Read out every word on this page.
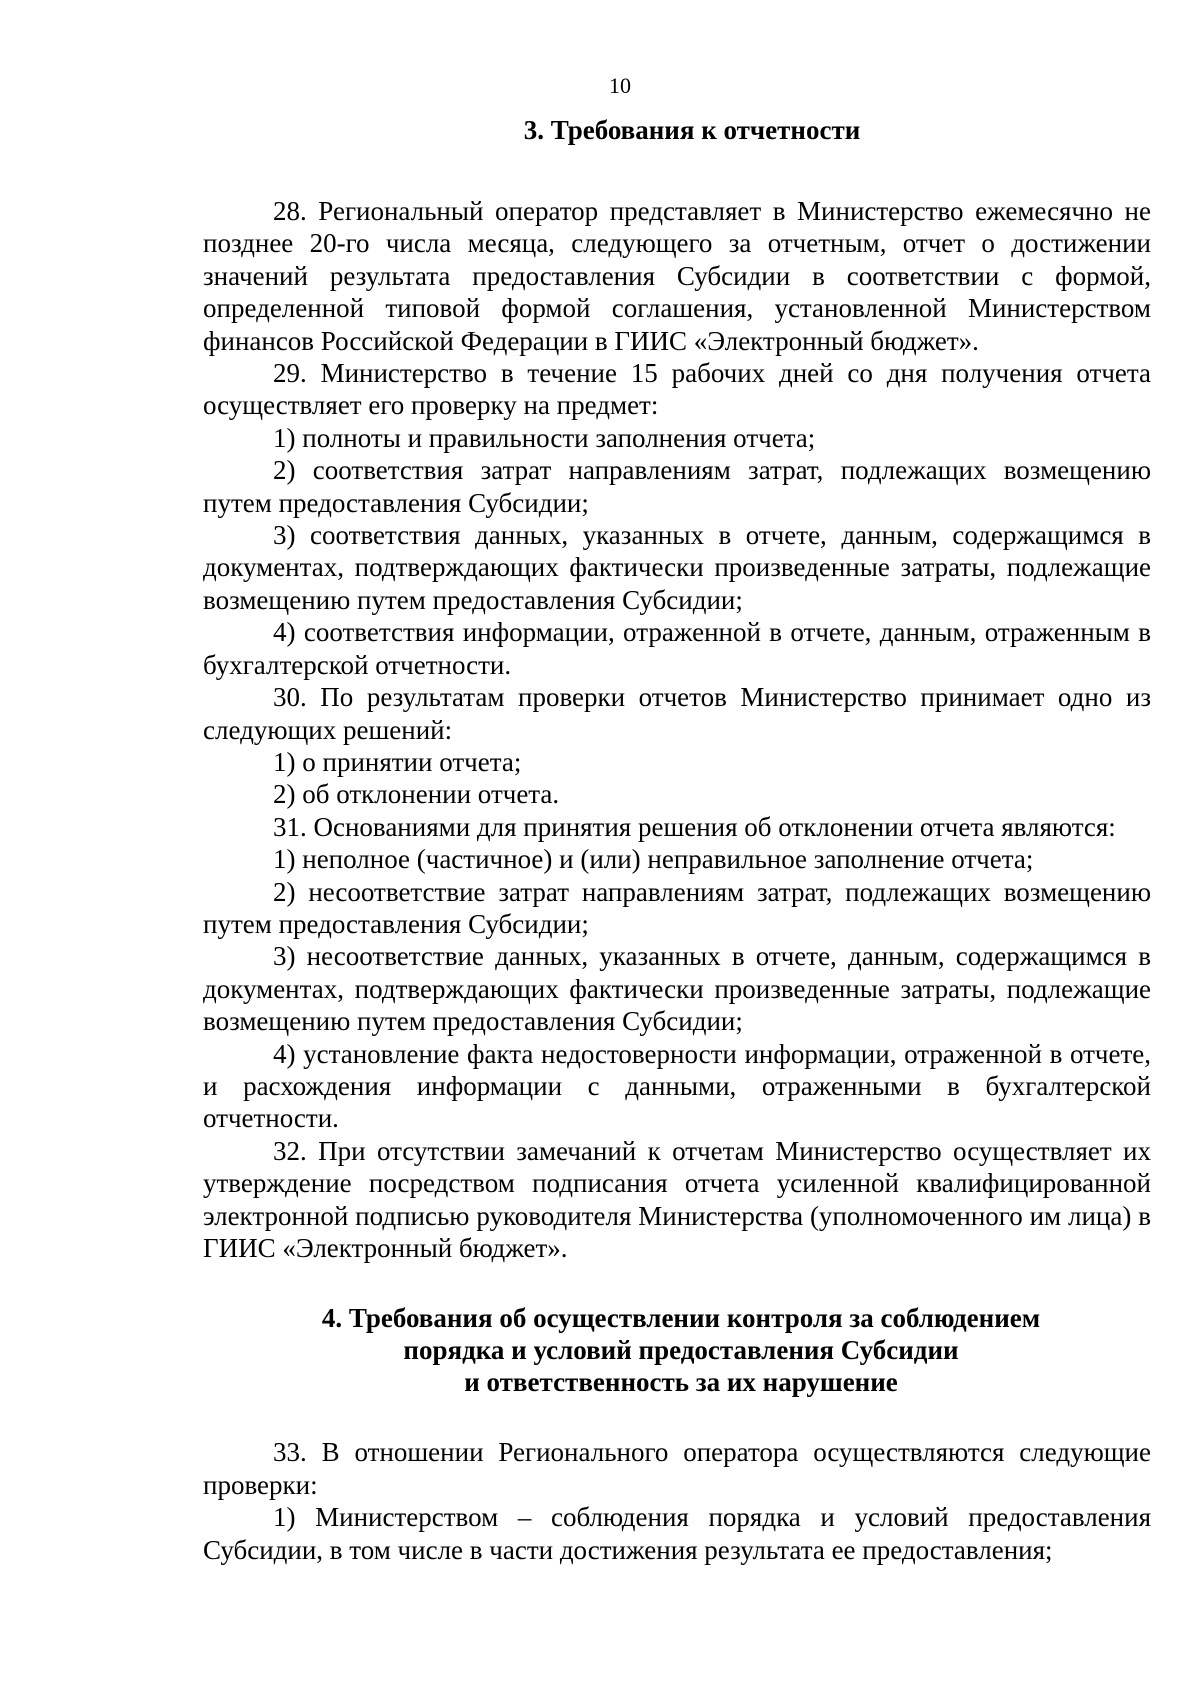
10
3. Требования к отчетности

28. Региональный оператор представляет в Министерство ежемесячно не позднее 20-го числа месяца, следующего за отчетным, отчет о достижении значений результата предоставления Субсидии в соответствии с формой, определенной типовой формой соглашения, установленной Министерством финансов Российской Федерации в ГИИС «Электронный бюджет».

29. Министерство в течение 15 рабочих дней со дня получения отчета осуществляет его проверку на предмет:

1) полноты и правильности заполнения отчета;

2) соответствия затрат направлениям затрат, подлежащих возмещению путем предоставления Субсидии;

3) соответствия данных, указанных в отчете, данным, содержащимся в документах, подтверждающих фактически произведенные затраты, подлежащие возмещению путем предоставления Субсидии;

4) соответствия информации, отраженной в отчете, данным, отраженным в бухгалтерской отчетности.

30. По результатам проверки отчетов Министерство принимает одно из следующих решений:

1) о принятии отчета;

2) об отклонении отчета.

31. Основаниями для принятия решения об отклонении отчета являются:

1) неполное (частичное) и (или) неправильное заполнение отчета;

2) несоответствие затрат направлениям затрат, подлежащих возмещению путем предоставления Субсидии;

3) несоответствие данных, указанных в отчете, данным, содержащимся в документах, подтверждающих фактически произведенные затраты, подлежащие возмещению путем предоставления Субсидии;

4) установление факта недостоверности информации, отраженной в отчете, и расхождения информации с данными, отраженными в бухгалтерской отчетности.

32. При отсутствии замечаний к отчетам Министерство осуществляет их утверждение посредством подписания отчета усиленной квалифицированной электронной подписью руководителя Министерства (уполномоченного им лица) в ГИИС «Электронный бюджет».

4. Требования об осуществлении контроля за соблюдением
порядка и условий предоставления Субсидии
и ответственность за их нарушение

33. В отношении Регионального оператора осуществляются следующие проверки:

1) Министерством – соблюдения порядка и условий предоставления Субсидии, в том числе в части достижения результата ее предоставления;
